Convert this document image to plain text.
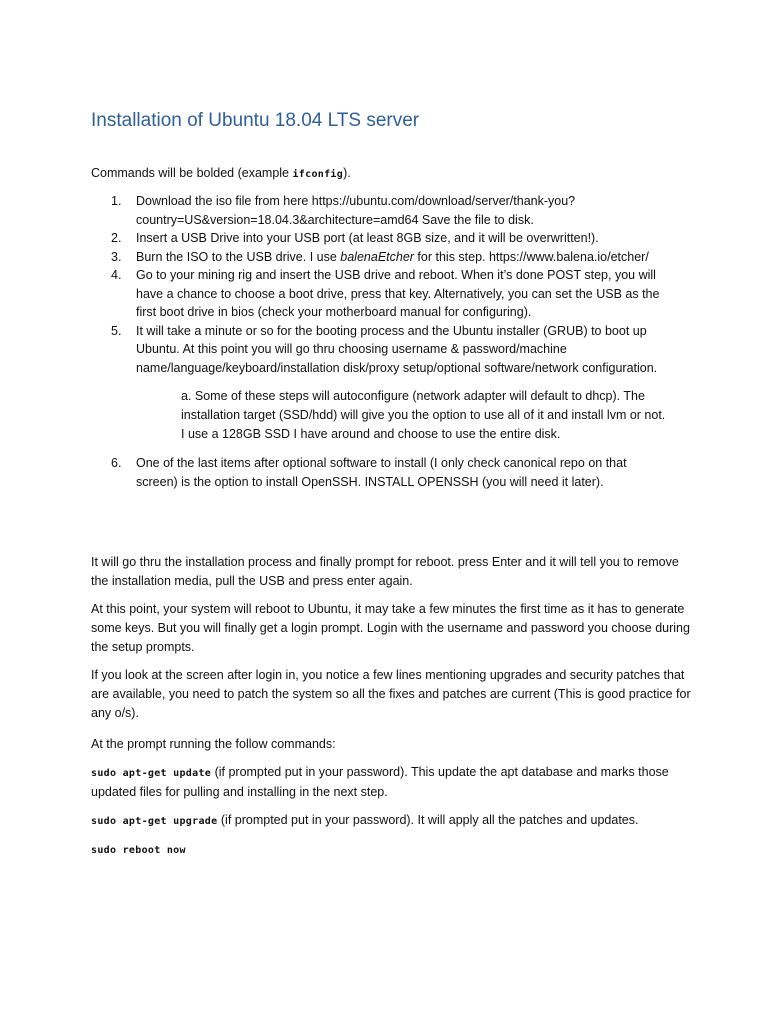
Installation of Ubuntu 18.04 LTS server

Commands will be bolded (example ifconfig).

1. Download the iso file from here https://ubuntu.com/download/server/thank-you?country=US&version=18.04.3&architecture=amd64 Save the file to disk.
2. Insert a USB Drive into your USB port (at least 8GB size, and it will be overwritten!).
3. Burn the ISO to the USB drive. I use balenaEtcher for this step. https://www.balena.io/etcher/
4. Go to your mining rig and insert the USB drive and reboot. When it’s done POST step, you will have a chance to choose a boot drive, press that key. Alternatively, you can set the USB as the first boot drive in bios (check your motherboard manual for configuring).
5. It will take a minute or so for the booting process and the Ubuntu installer (GRUB) to boot up Ubuntu. At this point you will go thru choosing username & password/machine name/language/keyboard/installation disk/proxy setup/optional software/network configuration.
a. Some of these steps will autoconfigure (network adapter will default to dhcp). The installation target (SSD/hdd) will give you the option to use all of it and install lvm or not. I use a 128GB SSD I have around and choose to use the entire disk.
6. One of the last items after optional software to install (I only check canonical repo on that screen) is the option to install OpenSSH. INSTALL OPENSSH (you will need it later).

It will go thru the installation process and finally prompt for reboot. press Enter and it will tell you to remove the installation media, pull the USB and press enter again.

At this point, your system will reboot to Ubuntu, it may take a few minutes the first time as it has to generate some keys. But you will finally get a login prompt. Login with the username and password you choose during the setup prompts.

If you look at the screen after login in, you notice a few lines mentioning upgrades and security patches that are available, you need to patch the system so all the fixes and patches are current (This is good practice for any o/s).

At the prompt running the follow commands:

sudo apt-get update (if prompted put in your password). This update the apt database and marks those updated files for pulling and installing in the next step.

sudo apt-get upgrade (if prompted put in your password). It will apply all the patches and updates.

sudo reboot now
